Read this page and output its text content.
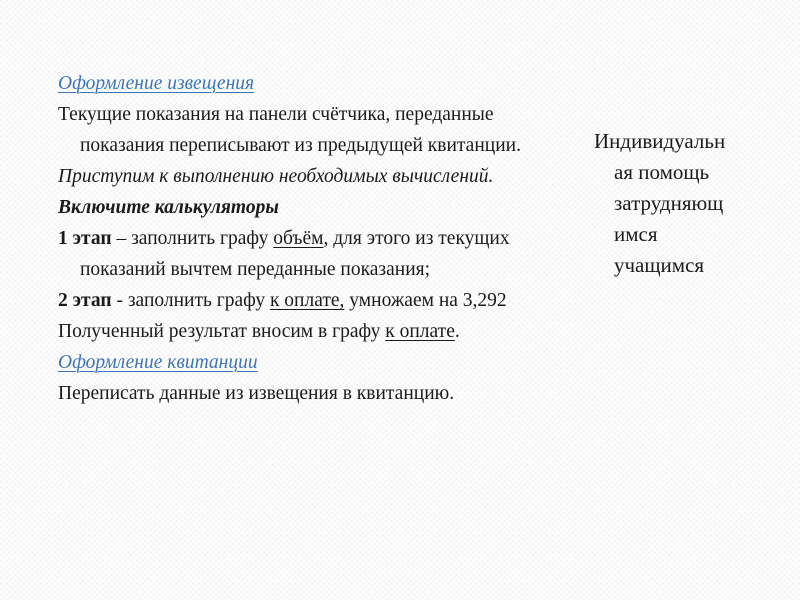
Оформление извещения

Текущие показания на панели счётчика, переданные показания переписывают из предыдущей квитанции.

Приступим к выполнению необходимых вычислений.

Включите калькуляторы

1 этап – заполнить графу объём, для этого из текущих показаний вычтем переданные показания;

2 этап - заполнить графу к оплате, умножаем на 3,292

Полученный результат вносим в графу к оплате.

Оформление квитанции

Переписать данные из извещения в квитанцию.

Индивидуальн
ая помощь
затрудняющ
имся
учащимся
